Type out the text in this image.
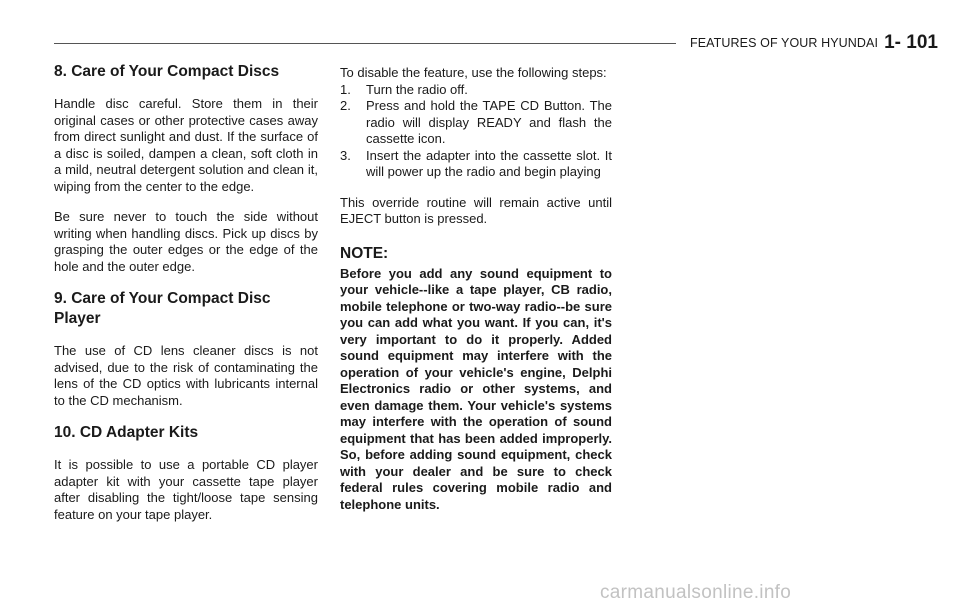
FEATURES OF YOUR HYUNDAI 1- 101
8. Care of Your Compact Discs

Handle disc careful. Store them in their original cases or other protective cases away from direct sunlight and dust. If the surface of a disc is soiled, dampen a clean, soft cloth in a mild, neutral detergent solution and clean it, wiping from the center to the edge.

Be sure never to touch the side without writing when handling discs. Pick up discs by grasping the outer edges or the edge of the hole and the outer edge.

9. Care of Your Compact Disc Player

The use of CD lens cleaner discs is not advised, due to the risk of contaminating the lens of the CD optics with lubricants internal to the CD mechanism.

10. CD Adapter Kits

It is possible to use a portable CD player adapter kit with your cassette tape player after disabling the tight/loose tape sensing feature on your tape player.

To disable the feature, use the following steps:

1. Turn the radio off.
2. Press and hold the TAPE CD Button. The radio will display READY and flash the cassette icon.
3. Insert the adapter into the cassette slot. It will power up the radio and begin playing

This override routine will remain active until EJECT button is pressed.

NOTE:

Before you add any sound equipment to your vehicle--like a tape player, CB radio, mobile telephone or two-way radio--be sure you can add what you want. If you can, it's very important to do it properly. Added sound equipment may interfere with the operation of your vehicle's engine, Delphi Electronics radio or other systems, and even damage them. Your vehicle's systems may interfere with the operation of sound equipment that has been added improperly. So, before adding sound equipment, check with your dealer and be sure to check federal rules covering mobile radio and telephone units.

carmanualsonline.info
